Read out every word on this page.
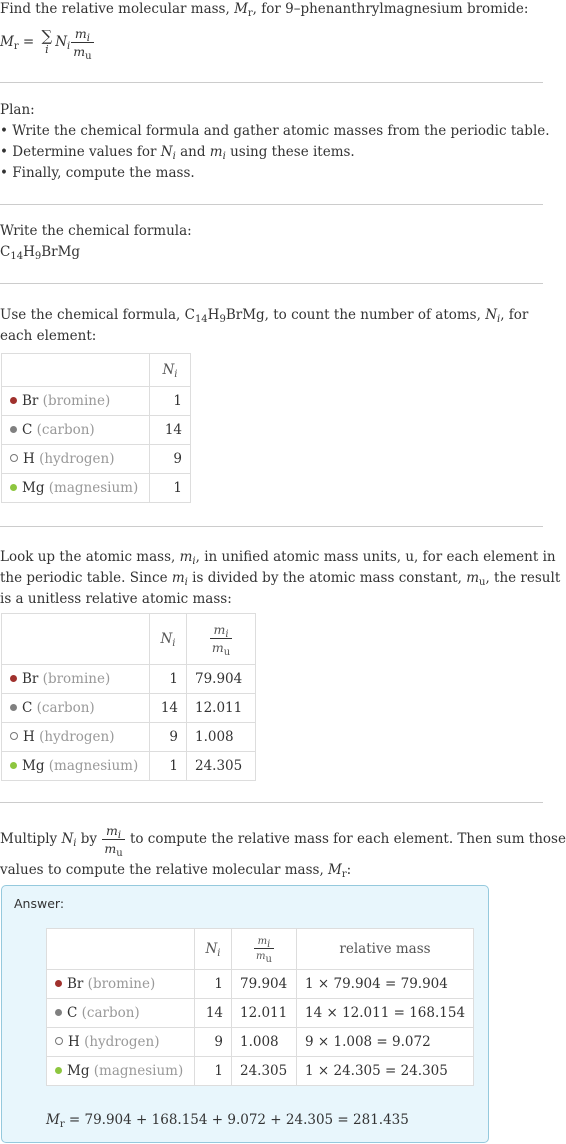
Find the relative molecular mass, $M_r$, for 9–phenanthrylmagnesium bromide:
$M_r$ = ∑
i $N_i \frac{m_i}{m_u}$
Plan:
• Write the chemical formula and gather atomic masses from the periodic table.
• Determine values for $N_i$ and $m_i$ using these items.
• Finally, compute the mass.
Write the chemical formula:
$C_{14}H_9BrMg$
Use the chemical formula, $C_{14}H_9BrMg$, to count the number of atoms, $N_i$, for
each element:
	$N_i$
Br (bromine)	1
C (carbon)	14
H (hydrogen)	9
Mg (magnesium)	1
Look up the atomic mass, $m_i$, in unified atomic mass units, u, for each element in
the periodic table. Since $m_i$ is divided by the atomic mass constant, $m_u$, the result
is a unitless relative atomic mass:
	$N_i$	$\frac{m_i}{m_u}$

Br (bromine)	1	79.904
C (carbon)	14	12.011
H (hydrogen)	9	1.008
Mg (magnesium)	1	24.305
Multiply $N_i$ by $\frac{m_i}{m_u}$ to compute the relative mass for each element. Then sum those
values to compute the relative molecular mass, $M_r$:
Answer:
	$N_i$	$\frac{m_i}{m_u}$	relative mass
Br (bromine)	1	79.904	1 × 79.904 = 79.904
C (carbon)	14	12.011	14 × 12.011 = 168.154
H (hydrogen)	9	1.008	9 × 1.008 = 9.072
Mg (magnesium)	1	24.305	1 × 24.305 = 24.305
$M_r = 79.904 + 168.154 + 9.072 + 24.305 = 281.435$
